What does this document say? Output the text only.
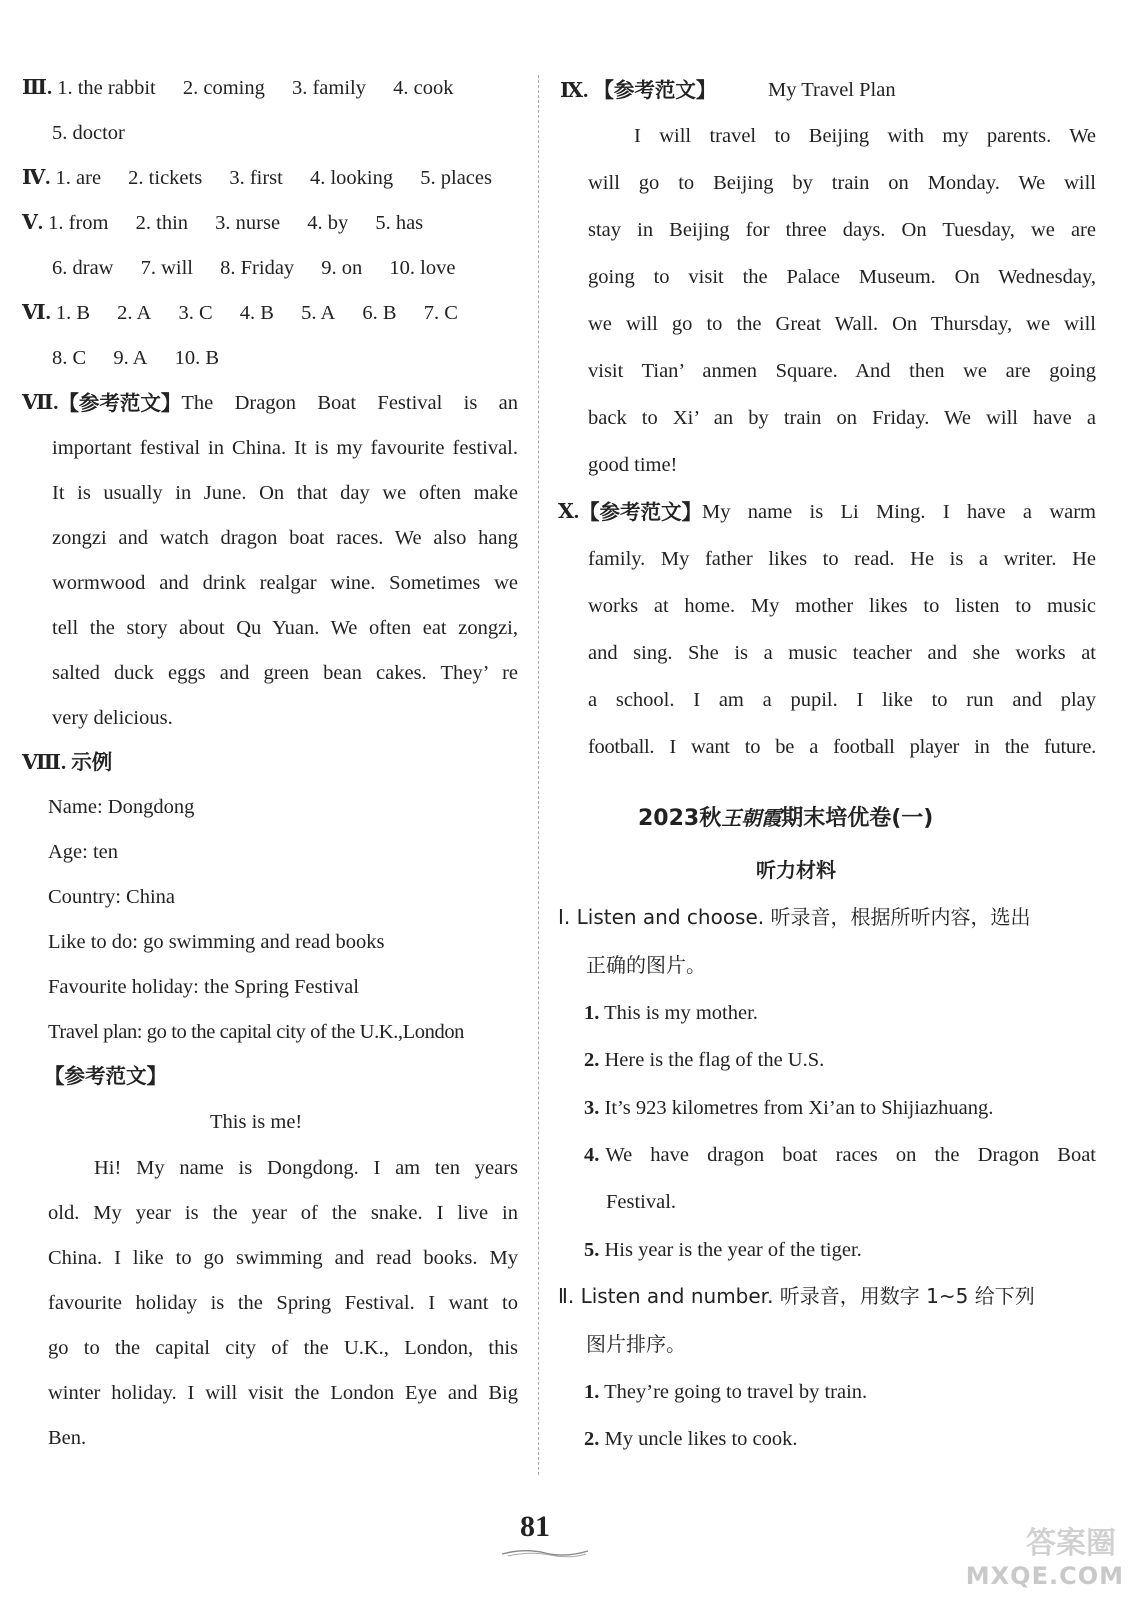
Ⅲ. 1. the rabbit 2. coming 3. family 4. cook
5. doctor
Ⅳ. 1. are 2. tickets 3. first 4. looking 5. places
Ⅴ. 1. from 2. thin 3. nurse 4. by 5. has
6. draw 7. will 8. Friday 9. on 10. love
Ⅵ. 1. B 2. A 3. C 4. B 5. A 6. B 7. C
8. C 9. A 10. B
Ⅶ. 【参考范文】 The Dragon Boat Festival is an
important festival in China. It is my favourite festival.
It is usually in June. On that day we often make
zongzi and watch dragon boat races. We also hang
wormwood and drink realgar wine. Sometimes we
tell the story about Qu Yuan. We often eat zongzi,
salted duck eggs and green bean cakes. They’ re
very delicious.
Ⅷ. 示例
Name: Dongdong
Age: ten
Country: China
Like to do: go swimming and read books
Favourite holiday: the Spring Festival
Travel plan: go to the capital city of the U.K.,London
【参考范文】
This is me!
Hi! My name is Dongdong. I am ten years
old. My year is the year of the snake. I live in
China. I like to go swimming and read books. My
favourite holiday is the Spring Festival. I want to
go to the capital city of the U.K., London, this
winter holiday. I will visit the London Eye and Big
Ben.
Ⅸ. 【参考范文】	My Travel Plan
I will travel to Beijing with my parents. We
will go to Beijing by train on Monday. We will
stay in Beijing for three days. On Tuesday, we are
going to visit the Palace Museum. On Wednesday,
we will go to the Great Wall. On Thursday, we will
visit Tian’ anmen Square. And then we are going
back to Xi’ an by train on Friday. We will have a
good time!
Ⅹ. 【参考范文】 My name is Li Ming. I have a warm
family. My father likes to read. He is a writer. He
works at home. My mother likes to listen to music
and sing. She is a music teacher and she works at
a school. I am a pupil. I like to run and play
football. I want to be a football player in the future.
2023秋王朝霞期末培优卷(一)
听力材料
Ⅰ. Listen and choose. 听录音，根据所听内容，选出
正确的图片。
1. This is my mother.
2. Here is the flag of the U.S.
3. It’s 923 kilometres from Xi’an to Shijiazhuang.
4. We have dragon boat races on the Dragon Boat
Festival.
5. His year is the year of the tiger.
Ⅱ. Listen and number. 听录音，用数字 1~5 给下列
图片排序。
1. They’re going to travel by train.
2. My uncle likes to cook.
81	答案圈
MXQE.COM
